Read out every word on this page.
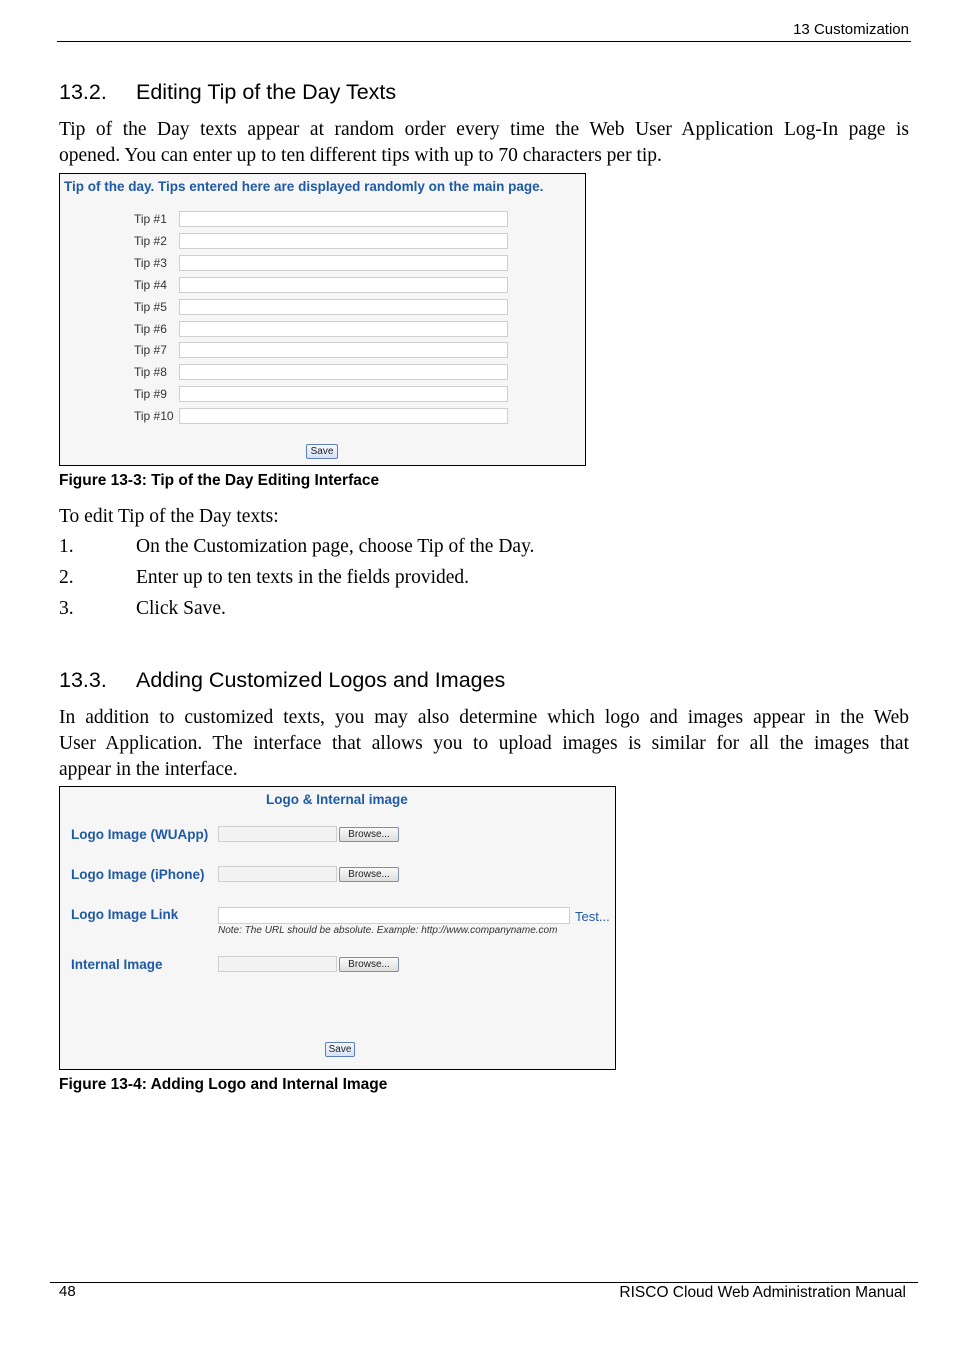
13 Customization
13.2. Editing Tip of the Day Texts
Tip of the Day texts appear at random order every time the Web User Application Log-In page is
opened. You can enter up to ten different tips with up to 70 characters per tip.
Tip of the day. Tips entered here are displayed randomly on the main page.
Tip #1
Tip #2
Tip #3
Tip #4
Tip #5
Tip #6
Tip #7
Tip #8
Tip #9
Tip #10
Save
Figure 13-3: Tip of the Day Editing Interface
To edit Tip of the Day texts:
1.	On the Customization page, choose Tip of the Day.
2.	Enter up to ten texts in the fields provided.
3.	Click Save.
13.3. Adding Customized Logos and Images
In addition to customized texts, you may also determine which logo and images appear in the Web
User Application. The interface that allows you to upload images is similar for all the images that
appear in the interface.
Logo & Internal image
Logo Image (WUApp)	Browse...
Logo Image (iPhone)	Browse...
Logo Image Link	Test...
Note: The URL should be absolute. Example: http://www.companyname.com
Internal Image	Browse...
Save
Figure 13-4: Adding Logo and Internal Image
48	RISCO Cloud Web Administration Manual
